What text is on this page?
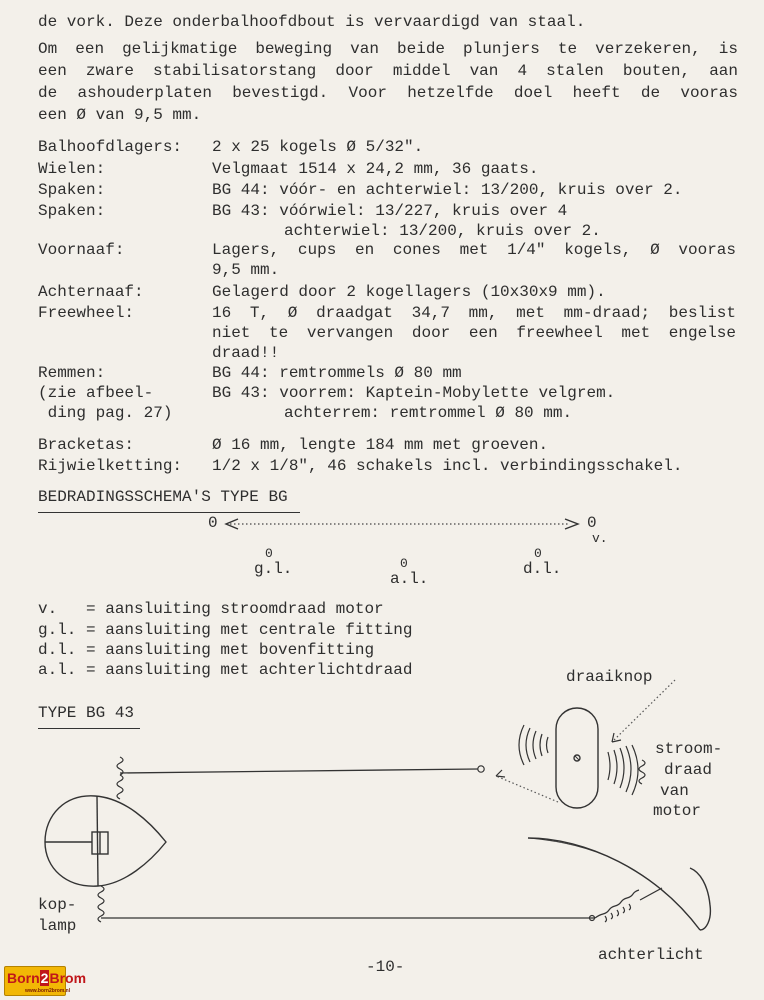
de vork. Deze onderbalhoofdbout is vervaardigd van staal.
Om een gelijkmatige beweging van beide plunjers te verzekeren, is
een zware stabilisatorstang door middel van 4 stalen bouten, aan
de ashouderplaten bevestigd. Voor hetzelfde doel heeft de vooras
een Ø van 9,5 mm.
Balhoofdlagers: 2 x 25 kogels Ø 5/32".
Wielen:	Velgmaat 1514 x 24,2 mm, 36 gaats.
Spaken:	BG 44: vóór- en achterwiel: 13/200, kruis over 2.
Spaken:	BG 43: vóórwiel: 13/227, kruis over 4
achterwiel: 13/200, kruis over 2.
Voornaaf:	Lagers, cups en cones met 1/4" kogels, Ø vooras
9,5 mm.
Achternaaf:	Gelagerd door 2 kogellagers (10x30x9 mm).
Freewheel:	16 T, Ø draadgat 34,7 mm, met mm-draad; beslist
niet te vervangen door een freewheel met engelse
draad!!
Remmen:	BG 44: remtrommels Ø 80 mm
(zie afbeel-	BG 43: voorrem: Kaptein-Mobylette velgrem.
ding pag. 27)	achterrem: remtrommel Ø 80 mm.
Bracketas:	Ø 16 mm, lengte 184 mm met groeven.
Rijwielketting: 1/2 x 1/8", 46 schakels incl. verbindingsschakel.
BEDRADINGSSCHEMA'S TYPE BG
0	0
v.
0
g.l.	0
a.l.
0
d.l.
v.   = aansluiting stroomdraad motor
g.l. = aansluiting met centrale fitting
d.l. = aansluiting met bovenfitting
a.l. = aansluiting met achterlichtdraad
TYPE BG 43
draaiknop
stroom-
draad
van
motor
kop-
lamp
achterlicht
-10-
Born2Brom
www.born2brom.nl
